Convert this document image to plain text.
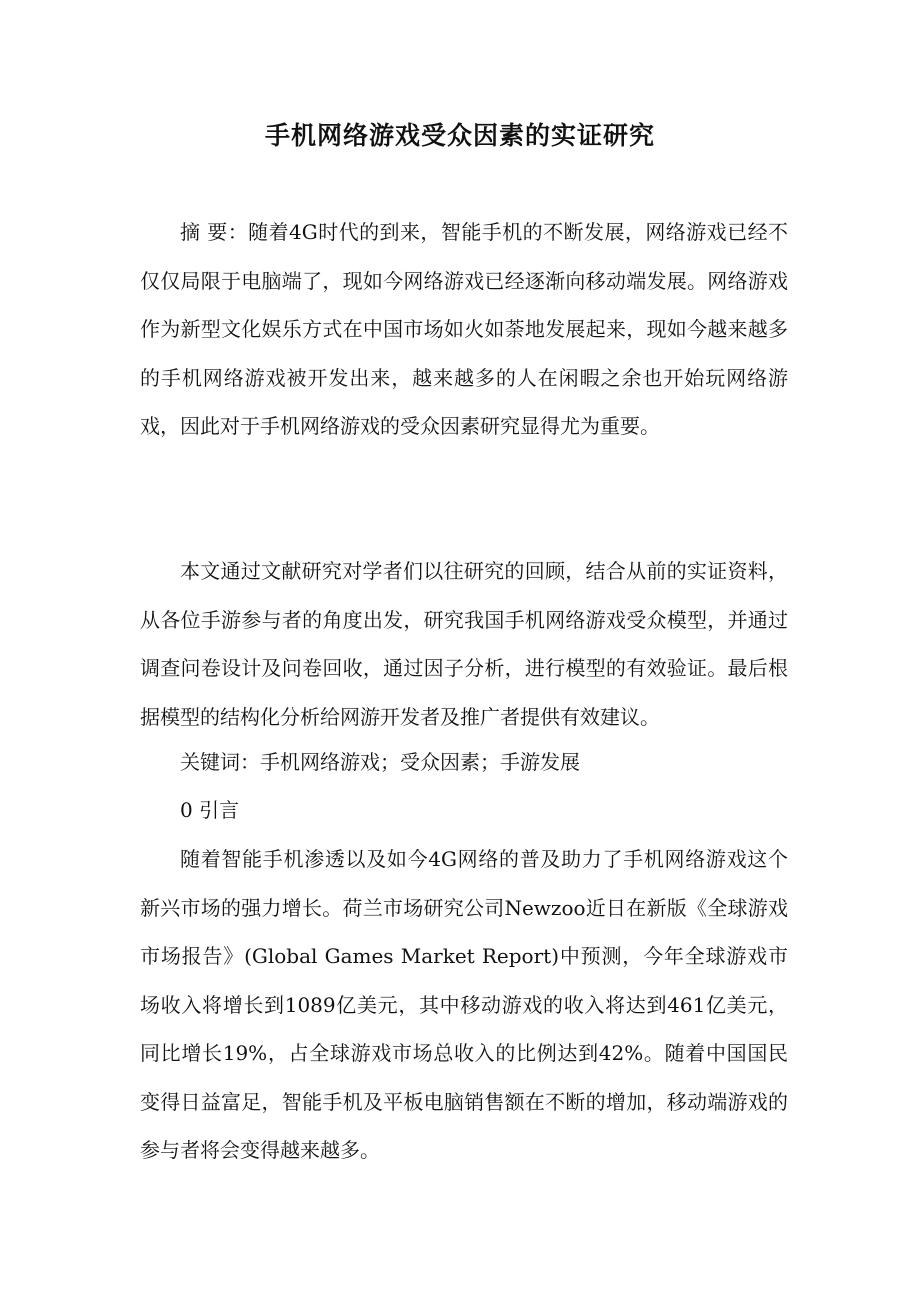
手机网络游戏受众因素的实证研究

摘 要：随着4G时代的到来，智能手机的不断发展，网络游戏已经不仅仅局限于电脑端了，现如今网络游戏已经逐渐向移动端发展。网络游戏作为新型文化娱乐方式在中国市场如火如荼地发展起来，现如今越来越多的手机网络游戏被开发出来，越来越多的人在闲暇之余也开始玩网络游戏，因此对于手机网络游戏的受众因素研究显得尤为重要。

本文通过文献研究对学者们以往研究的回顾，结合从前的实证资料，从各位手游参与者的角度出发，研究我国手机网络游戏受众模型，并通过调查问卷设计及问卷回收，通过因子分析，进行模型的有效验证。最后根据模型的结构化分析给网游开发者及推广者提供有效建议。

关键词：手机网络游戏；受众因素；手游发展

0 引言

随着智能手机渗透以及如今4G网络的普及助力了手机网络游戏这个新兴市场的强力增长。荷兰市场研究公司Newzoo近日在新版《全球游戏市场报告》(Global Games Market Report)中预测，今年全球游戏市场收入将增长到1089亿美元，其中移动游戏的收入将达到461亿美元，同比增长19%，占全球游戏市场总收入的比例达到42%。随着中国国民变得日益富足，智能手机及平板电脑销售额在不断的增加，移动端游戏的参与者将会变得越来越多。
